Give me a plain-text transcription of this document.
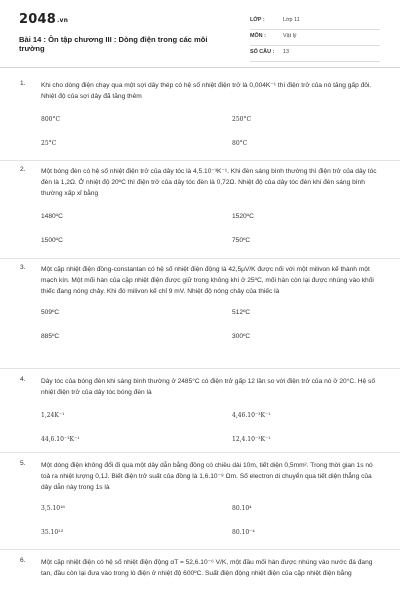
2048.vn
Bài 14 : Ôn tập chương III : Dòng điện trong các môi trường
LỚP :	Lớp 11
MÔN :	Vật lý
SỐ CÂU : 13
1. Khi cho dòng điện chạy qua một sợi dây thép có hệ số nhiệt điện trở là 0,004K⁻¹ thì điện trở của nó tăng gấp đôi. Nhiệt độ của sợi dây đã tăng thêm
800°C	250°C
25°C	80°C
2. Một bóng đèn có hệ số nhiệt điện trở của dây tóc là 4,5.10⁻³K⁻¹. Khi đèn sáng bình thường thì điện trở của dây tóc đèn là 1,2Ω. Ở nhiệt độ 20ºC thì điện trở của dây tóc đèn là 0,72Ω. Nhiệt độ của dây tóc đèn khi đèn sáng bình thường xấp xỉ bằng
1480ºC	1520ºC
1500ºC	750ºC
3. Một cặp nhiệt điện đồng-constantan có hệ số nhiệt điện động là 42,5μV/K được nối với một milivon kế thành một mạch kín. Một mối hàn của cặp nhiệt điện được giữ trong không khí ở 25ºC, mối hàn còn lại được nhúng vào khối thiếc đang nóng chảy. Khi đó milivon kế chỉ 9 mV. Nhiệt độ nóng chảy của thiếc là
509ºC	512ºC
885ºC	300ºC
4. Dây tóc của bóng đèn khi sáng bình thường ở 2485°C có điện trở gấp 12 lần so với điện trở của nó ở 20°C. Hệ số nhiệt điện trở của dây tóc bóng đèn là
1,24K⁻¹	4,46.10⁻³K⁻¹
44,6.10⁻³K⁻¹	12,4.10⁻³K⁻¹
5. Một dòng điện không đổi đi qua một dây dẫn bằng đồng có chiều dài 10m, tiết diện 0,5mm². Trong thời gian 1s nó toả ra nhiệt lượng 0,1J. Biết điện trở suất của đồng là 1,6.10⁻⁸ Ωm. Số electron di chuyển qua tiết diện thẳng của dây dẫn này trong 1s là
3,5.10¹⁶	80.10⁴
35.10²³	80.10⁻⁴
6. Một cặp nhiệt điện có hệ số nhiệt điện động αT = 52,6.10⁻⁶ V/K, một đầu mối hàn được nhúng vào nước đá đang tan, đầu còn lại đưa vào trong lò điện ở nhiệt độ 600ºC. Suất điện động nhiệt điện của cặp nhiệt điện bằng
